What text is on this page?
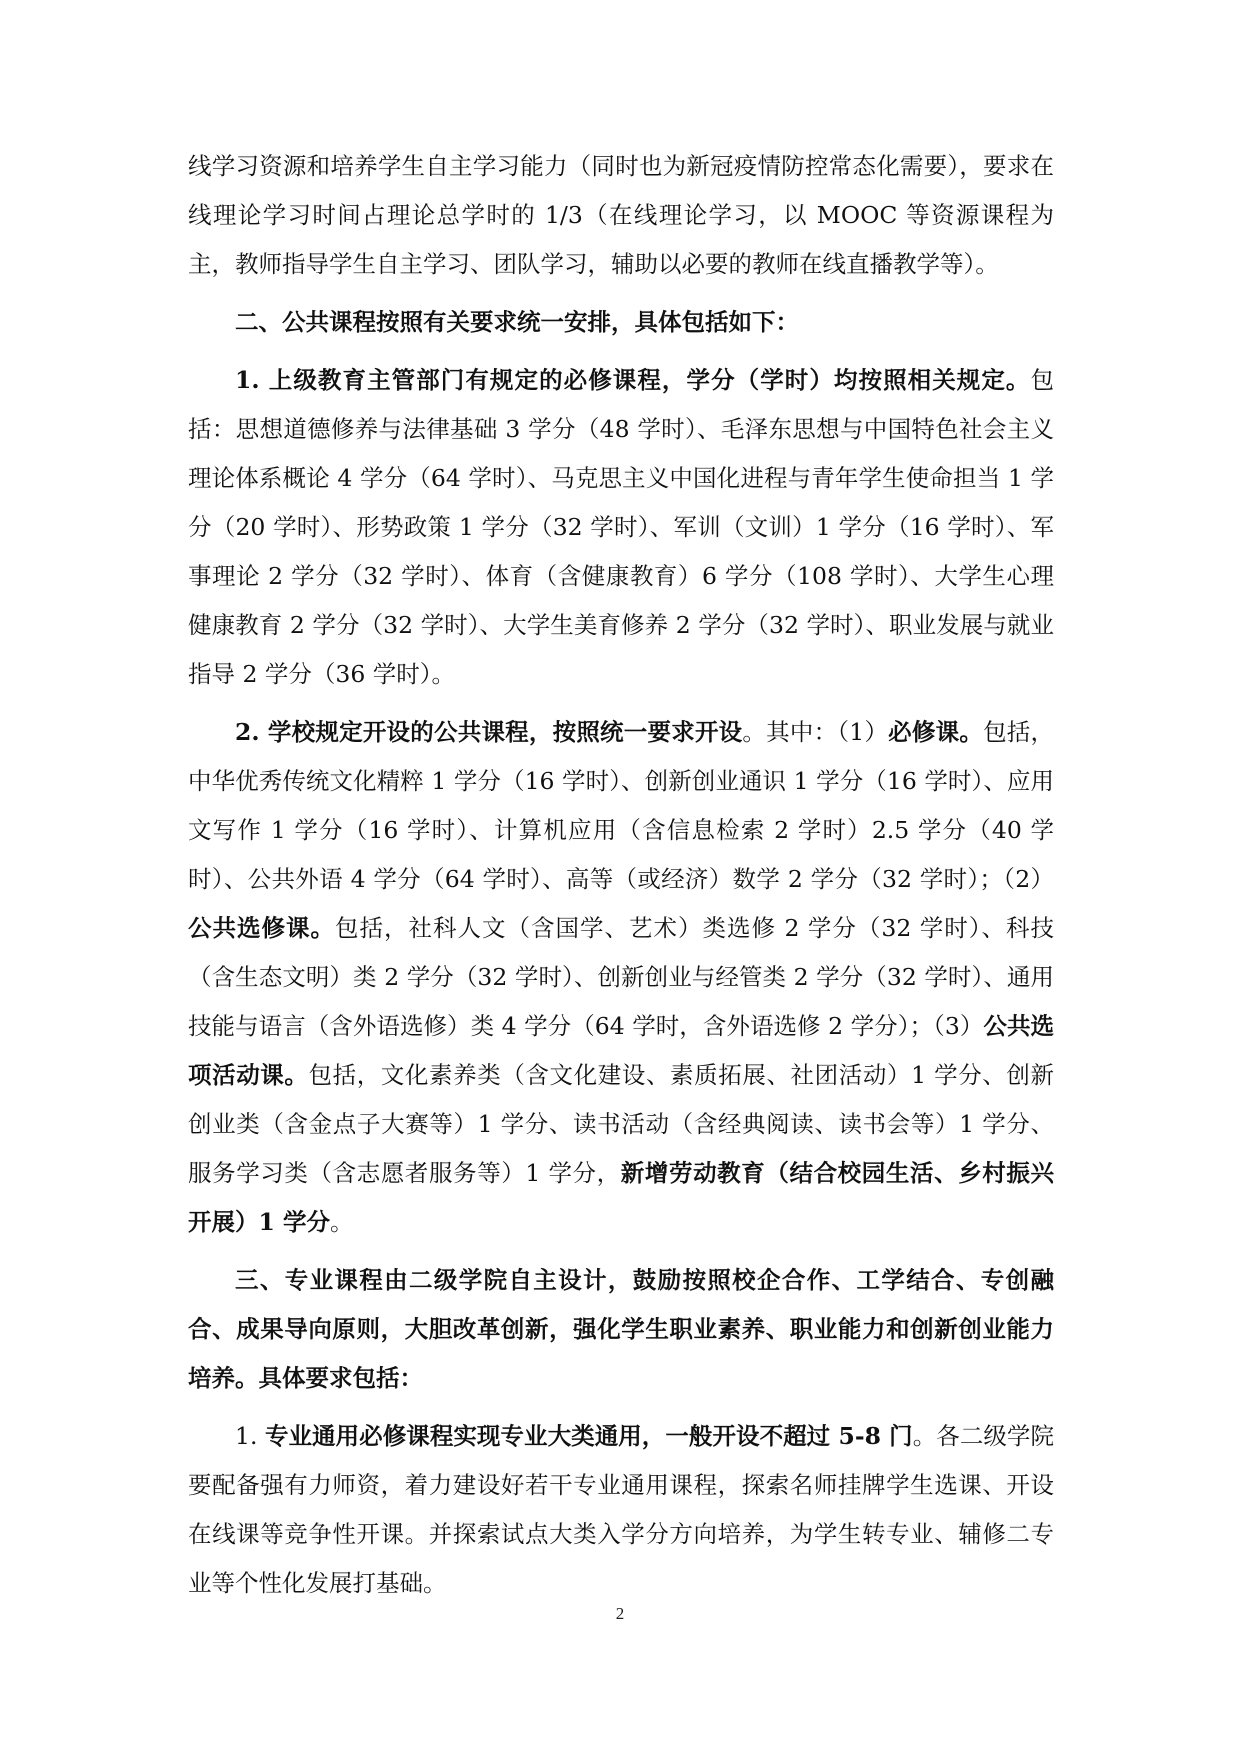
线学习资源和培养学生自主学习能力（同时也为新冠疫情防控常态化需要），要求在线理论学习时间占理论总学时的 1/3（在线理论学习，以 MOOC 等资源课程为主，教师指导学生自主学习、团队学习，辅助以必要的教师在线直播教学等）。

二、公共课程按照有关要求统一安排，具体包括如下：

1. 上级教育主管部门有规定的必修课程，学分（学时）均按照相关规定。包括：思想道德修养与法律基础 3 学分（48 学时）、毛泽东思想与中国特色社会主义理论体系概论 4 学分（64 学时）、马克思主义中国化进程与青年学生使命担当 1 学分（20 学时）、形势政策 1 学分（32 学时）、军训（文训）1 学分（16 学时）、军事理论 2 学分（32 学时）、体育（含健康教育）6 学分（108 学时）、大学生心理健康教育 2 学分（32 学时）、大学生美育修养 2 学分（32 学时）、职业发展与就业指导 2 学分（36 学时）。

2. 学校规定开设的公共课程，按照统一要求开设。其中：（1）必修课。包括，中华优秀传统文化精粹 1 学分（16 学时）、创新创业通识 1 学分（16 学时）、应用文写作 1 学分（16 学时）、计算机应用（含信息检索 2 学时）2.5 学分（40 学时）、公共外语 4 学分（64 学时）、高等（或经济）数学 2 学分（32 学时）；（2）公共选修课。包括，社科人文（含国学、艺术）类选修 2 学分（32 学时）、科技（含生态文明）类 2 学分（32 学时）、创新创业与经管类 2 学分（32 学时）、通用技能与语言（含外语选修）类 4 学分（64 学时，含外语选修 2 学分）；（3）公共选项活动课。包括，文化素养类（含文化建设、素质拓展、社团活动）1 学分、创新创业类（含金点子大赛等）1 学分、读书活动（含经典阅读、读书会等）1 学分、服务学习类（含志愿者服务等）1 学分，新增劳动教育（结合校园生活、乡村振兴开展）1 学分。

三、专业课程由二级学院自主设计，鼓励按照校企合作、工学结合、专创融合、成果导向原则，大胆改革创新，强化学生职业素养、职业能力和创新创业能力培养。具体要求包括：

1. 专业通用必修课程实现专业大类通用，一般开设不超过 5-8 门。各二级学院要配备强有力师资，着力建设好若干专业通用课程，探索名师挂牌学生选课、开设在线课等竞争性开课。并探索试点大类入学分方向培养，为学生转专业、辅修二专业等个性化发展打基础。

2
